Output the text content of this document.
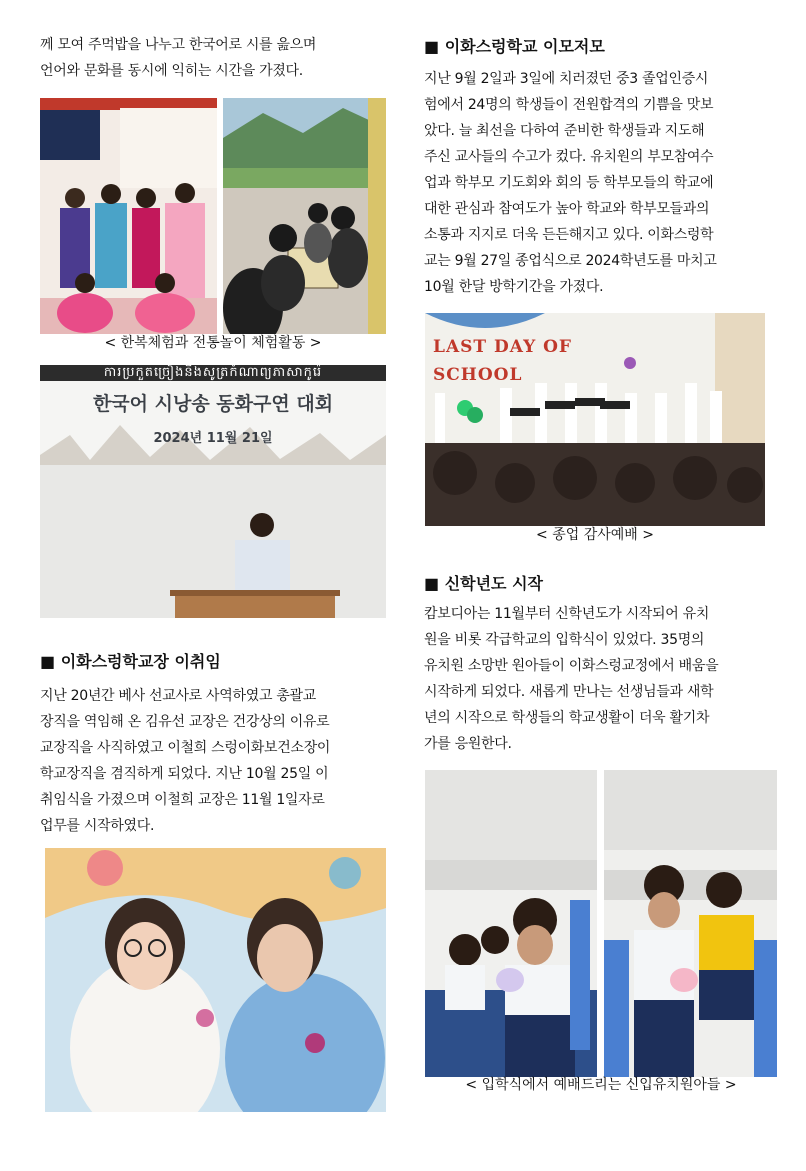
께 모여 주먹밥을 나누고 한국어로 시를 읊으며

언어와 문화를 동시에 익히는 시간을 가졌다.

< 한복체험과 전통놀이 체험활동 >
ការប្រកួតច្រៀងនិងសូត្រកំណាព្យភាសាកូរ៉េ
한국어 시낭송 동화구연 대회
2024년 11월 21일

■ 이화스렁학교장 이취임

지난 20년간 베사 선교사로 사역하였고 총괄교

장직을 역임해 온 김유선 교장은 건강상의 이유로

교장직을 사직하였고 이철희 스렁이화보건소장이

학교장직을 겸직하게 되었다. 지난 10월 25일 이

취임식을 가졌으며 이철희 교장은 11월 1일자로

업무를 시작하였다.

■ 이화스렁학교 이모저모

지난 9월 2일과 3일에 치러졌던 중3 졸업인증시

험에서 24명의 학생들이 전원합격의 기쁨을 맛보

았다. 늘 최선을 다하여 준비한 학생들과 지도해

주신 교사들의 수고가 컸다. 유치원의 부모참여수

업과 학부모 기도회와 회의 등 학부모들의 학교에

대한 관심과 참여도가 높아 학교와 학부모들과의

소통과 지지로 더욱 든든해지고 있다. 이화스렁학

교는 9월 27일 종업식으로 2024학년도를 마치고

10월 한달 방학기간을 가졌다.

LAST DAY OF
SCHOOL
< 종업 감사예배 >

■ 신학년도 시작

캄보디아는 11월부터 신학년도가 시작되어 유치

원을 비롯 각급학교의 입학식이 있었다. 35명의

유치원 소망반 원아들이 이화스렁교정에서 배움을

시작하게 되었다. 새롭게 만나는 선생님들과 새학

년의 시작으로 학생들의 학교생활이 더욱 활기차

가를 응원한다.

< 입학식에서 예배드리는 신입유치원아들 >
